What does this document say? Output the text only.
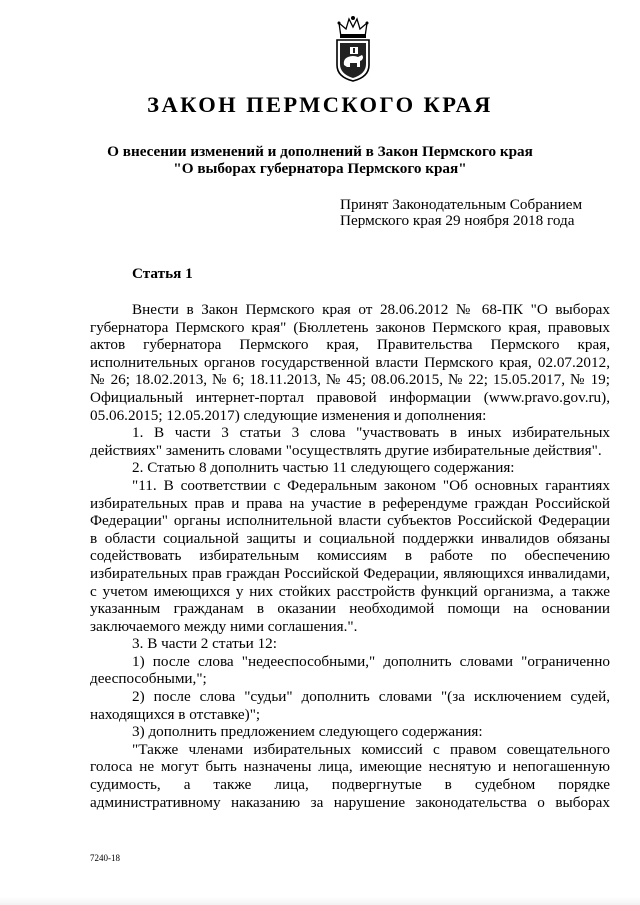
ЗАКОН ПЕРМСКОГО КРАЯ
О внесении изменений и дополнений в Закон Пермского края
"О выборах губернатора Пермского края"
Принят Законодательным Собранием
Пермского края 29 ноября 2018 года
Статья 1
Внести в Закон Пермского края от 28.06.2012 № 68-ПК "О выборах
губернатора Пермского края" (Бюллетень законов Пермского края, правовых
актов губернатора Пермского края, Правительства Пермского края,
исполнительных органов государственной власти Пермского края, 02.07.2012,
№ 26; 18.02.2013, № 6; 18.11.2013, № 45; 08.06.2015, № 22; 15.05.2017, № 19;
Официальный интернет-портал правовой информации (www.pravo.gov.ru),
05.06.2015; 12.05.2017) следующие изменения и дополнения:
1. В части 3 статьи 3 слова "участвовать в иных избирательных
действиях" заменить словами "осуществлять другие избирательные действия".
2. Статью 8 дополнить частью 11 следующего содержания:
"11. В соответствии с Федеральным законом "Об основных гарантиях
избирательных прав и права на участие в референдуме граждан Российской
Федерации" органы исполнительной власти субъектов Российской Федерации
в области социальной защиты и социальной поддержки инвалидов обязаны
содействовать избирательным комиссиям в работе по обеспечению
избирательных прав граждан Российской Федерации, являющихся инвалидами,
с учетом имеющихся у них стойких расстройств функций организма, а также
указанным гражданам в оказании необходимой помощи на основании
заключаемого между ними соглашения.".
3. В части 2 статьи 12:
1) после слова "недееспособными," дополнить словами "ограниченно
дееспособными,";
2) после слова "судьи" дополнить словами "(за исключением судей,
находящихся в отставке)";
3) дополнить предложением следующего содержания:
"Также членами избирательных комиссий с правом совещательного
голоса не могут быть назначены лица, имеющие неснятую и непогашенную
судимость, а также лица, подвергнутые в судебном порядке
административному наказанию за нарушение законодательства о выборах
7240-18
